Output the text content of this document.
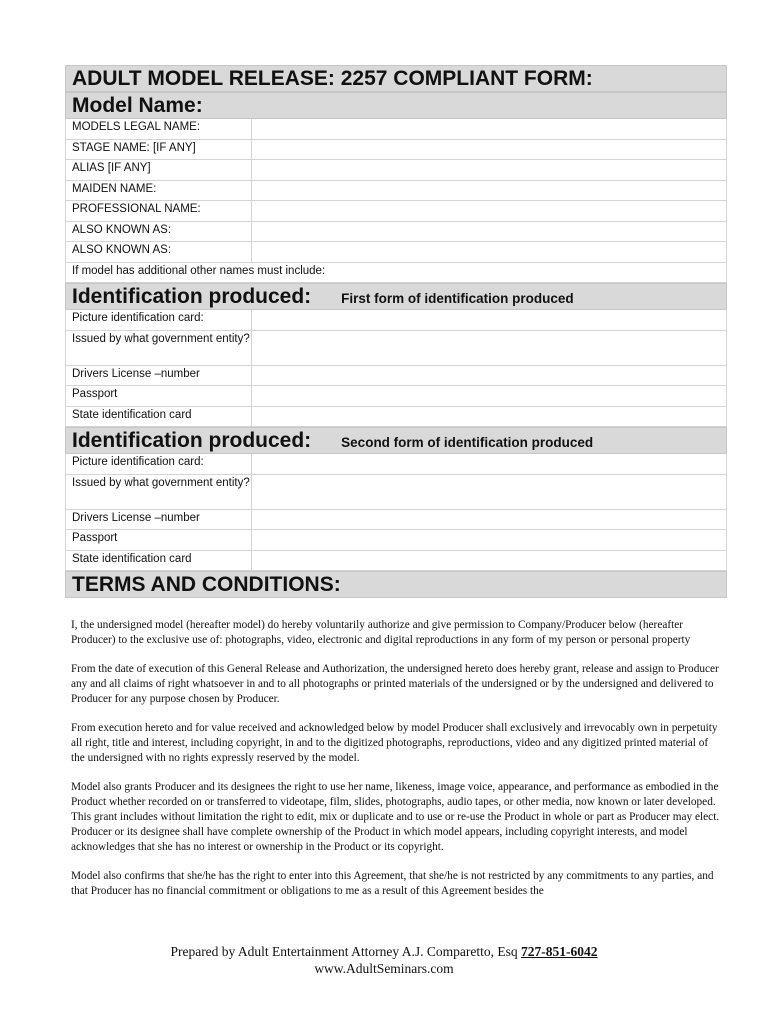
ADULT MODEL RELEASE: 2257 COMPLIANT FORM:
Model Name:
MODELS LEGAL NAME:
STAGE NAME: [IF ANY]
ALIAS [IF ANY]
MAIDEN NAME:
PROFESSIONAL NAME:
ALSO KNOWN AS:
ALSO KNOWN AS:
If model has additional other names must include:
Identification produced: First form of identification produced
Picture identification card:
Issued by what government entity?
Drivers License –number
Passport
State identification card
Identification produced: Second form of identification produced
Picture identification card:
Issued by what government entity?
Drivers License –number
Passport
State identification card
TERMS AND CONDITIONS:

I, the undersigned model (hereafter model) do hereby voluntarily authorize and give permission to Company/Producer below (hereafter Producer) to the exclusive use of: photographs, video, electronic and digital reproductions in any form of my person or personal property

From the date of execution of this General Release and Authorization, the undersigned hereto does hereby grant, release and assign to Producer any and all claims of right whatsoever in and to all photographs or printed materials of the undersigned or by the undersigned and delivered to Producer for any purpose chosen by Producer.

From execution hereto and for value received and acknowledged below by model Producer shall exclusively and irrevocably own in perpetuity all right, title and interest, including copyright, in and to the digitized photographs, reproductions, video and any digitized printed material of the undersigned with no rights expressly reserved by the model.

Model also grants Producer and its designees the right to use her name, likeness, image voice, appearance, and performance as embodied in the Product whether recorded on or transferred to videotape, film, slides, photographs, audio tapes, or other media, now known or later developed. This grant includes without limitation the right to edit, mix or duplicate and to use or re-use the Product in whole or part as Producer may elect. Producer or its designee shall have complete ownership of the Product in which model appears, including copyright interests, and model acknowledges that she has no interest or ownership in the Product or its copyright.

Model also confirms that she/he has the right to enter into this Agreement, that she/he is not restricted by any commitments to any parties, and that Producer has no financial commitment or obligations to me as a result of this Agreement besides the

Prepared by Adult Entertainment Attorney A.J. Comparetto, Esq 727-851-6042
www.AdultSeminars.com
